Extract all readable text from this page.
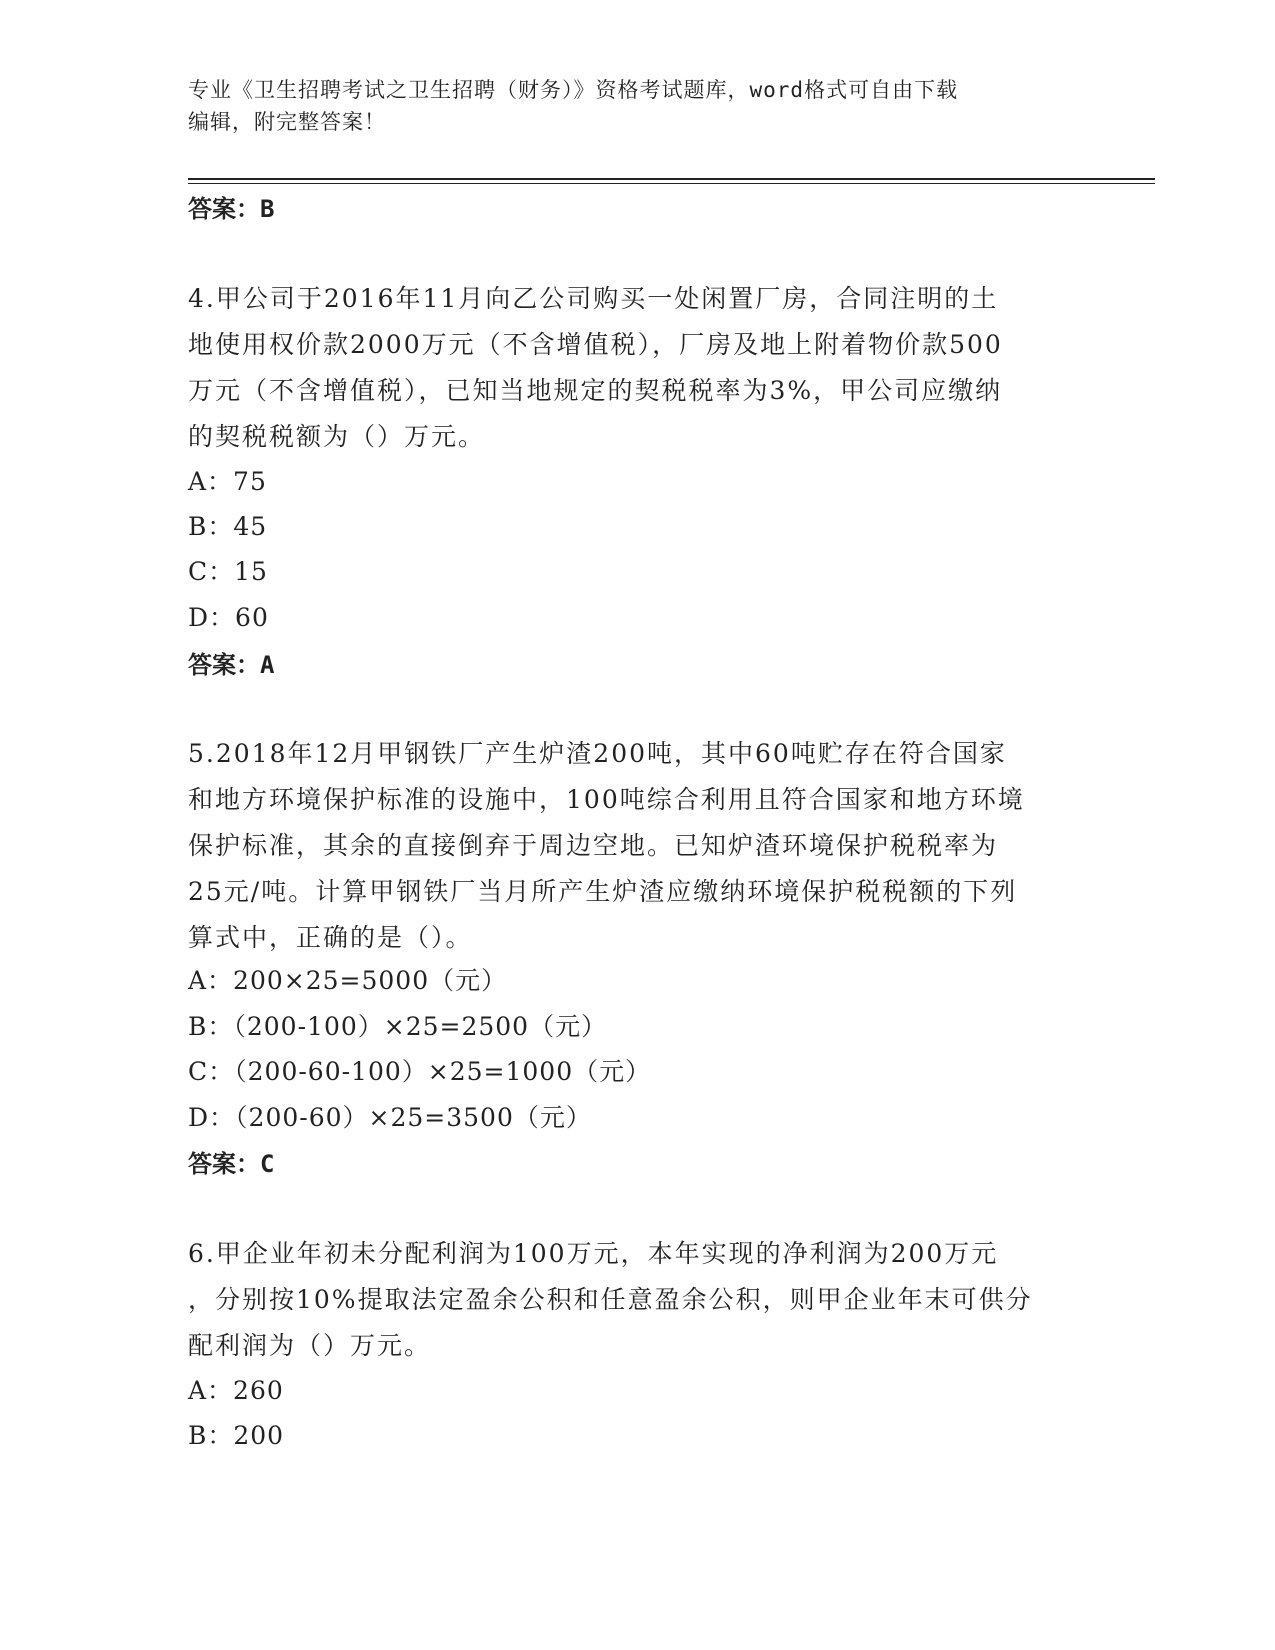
专业《卫生招聘考试之卫生招聘（财务）》资格考试题库，word格式可自由下载
编辑，附完整答案！
答案：B
4.甲公司于2016年11月向乙公司购买一处闲置厂房，合同注明的土
地使用权价款2000万元（不含增值税），厂房及地上附着物价款500
万元（不含增值税），已知当地规定的契税税率为3%，甲公司应缴纳
的契税税额为（）万元。
A：75
B：45
C：15
D：60
答案：A
5.2018年12月甲钢铁厂产生炉渣200吨，其中60吨贮存在符合国家
和地方环境保护标准的设施中，100吨综合利用且符合国家和地方环境
保护标准，其余的直接倒弃于周边空地。已知炉渣环境保护税税率为
25元/吨。计算甲钢铁厂当月所产生炉渣应缴纳环境保护税税额的下列
算式中，正确的是（）。
A：200×25=5000（元）
B：（200-100）×25=2500（元）
C：（200-60-100）×25=1000（元）
D：（200-60）×25=3500（元）
答案：C
6.甲企业年初未分配利润为100万元，本年实现的净利润为200万元
，分别按10%提取法定盈余公积和任意盈余公积，则甲企业年末可供分
配利润为（）万元。
A：260
B：200
